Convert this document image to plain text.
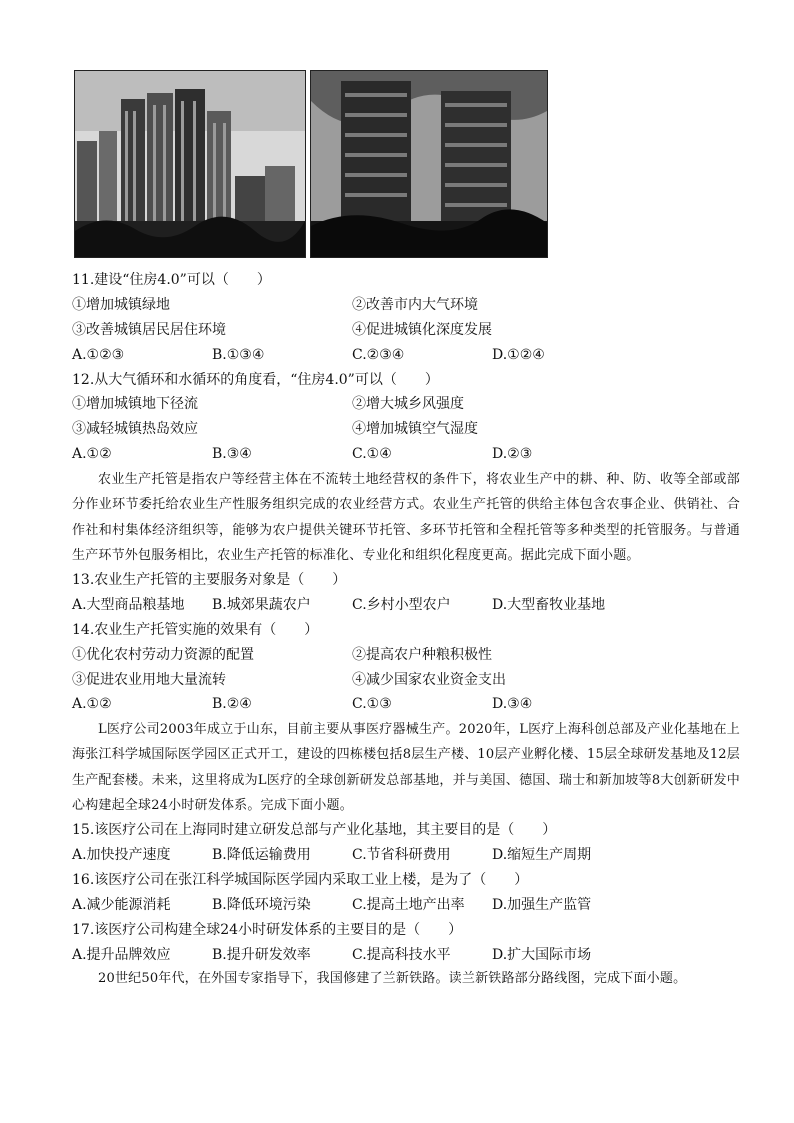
11.建设“住房4.0”可以（　　）
①增加城镇绿地	②改善市内大气环境
③改善城镇居民居住环境	④促进城镇化深度发展
A.①②③	B.①③④	C.②③④	D.①②④
12.从大气循环和水循环的角度看，“住房4.0”可以（　　）
①增加城镇地下径流	②增大城乡风强度
③减轻城镇热岛效应	④增加城镇空气湿度
A.①②	B.③④	C.①④	D.②③
农业生产托管是指农户等经营主体在不流转土地经营权的条件下，将农业生产中的耕、种、防、收等全部或部分作业环节委托给农业生产性服务组织完成的农业经营方式。农业生产托管的供给主体包含农事企业、供销社、合作社和村集体经济组织等，能够为农户提供关键环节托管、多环节托管和全程托管等多种类型的托管服务。与普通生产环节外包服务相比，农业生产托管的标准化、专业化和组织化程度更高。据此完成下面小题。
13.农业生产托管的主要服务对象是（　　）
A.大型商品粮基地	B.城郊果蔬农户	C.乡村小型农户	D.大型畜牧业基地
14.农业生产托管实施的效果有（　　）
①优化农村劳动力资源的配置	②提高农户种粮积极性
③促进农业用地大量流转	④减少国家农业资金支出
A.①②	B.②④	C.①③	D.③④
L医疗公司2003年成立于山东，目前主要从事医疗器械生产。2020年，L医疗上海科创总部及产业化基地在上海张江科学城国际医学园区正式开工，建设的四栋楼包括8层生产楼、10层产业孵化楼、15层全球研发基地及12层生产配套楼。未来，这里将成为L医疗的全球创新研发总部基地，并与美国、德国、瑞士和新加坡等8大创新研发中心构建起全球24小时研发体系。完成下面小题。
15.该医疗公司在上海同时建立研发总部与产业化基地，其主要目的是（　　）
A.加快投产速度	B.降低运输费用	C.节省科研费用	D.缩短生产周期
16.该医疗公司在张江科学城国际医学园内采取工业上楼，是为了（　　）
A.减少能源消耗	B.降低环境污染	C.提高土地产出率	D.加强生产监管
17.该医疗公司构建全球24小时研发体系的主要目的是（　　）
A.提升品牌效应	B.提升研发效率	C.提高科技水平	D.扩大国际市场
20世纪50年代，在外国专家指导下，我国修建了兰新铁路。读兰新铁路部分路线图，完成下面小题。
